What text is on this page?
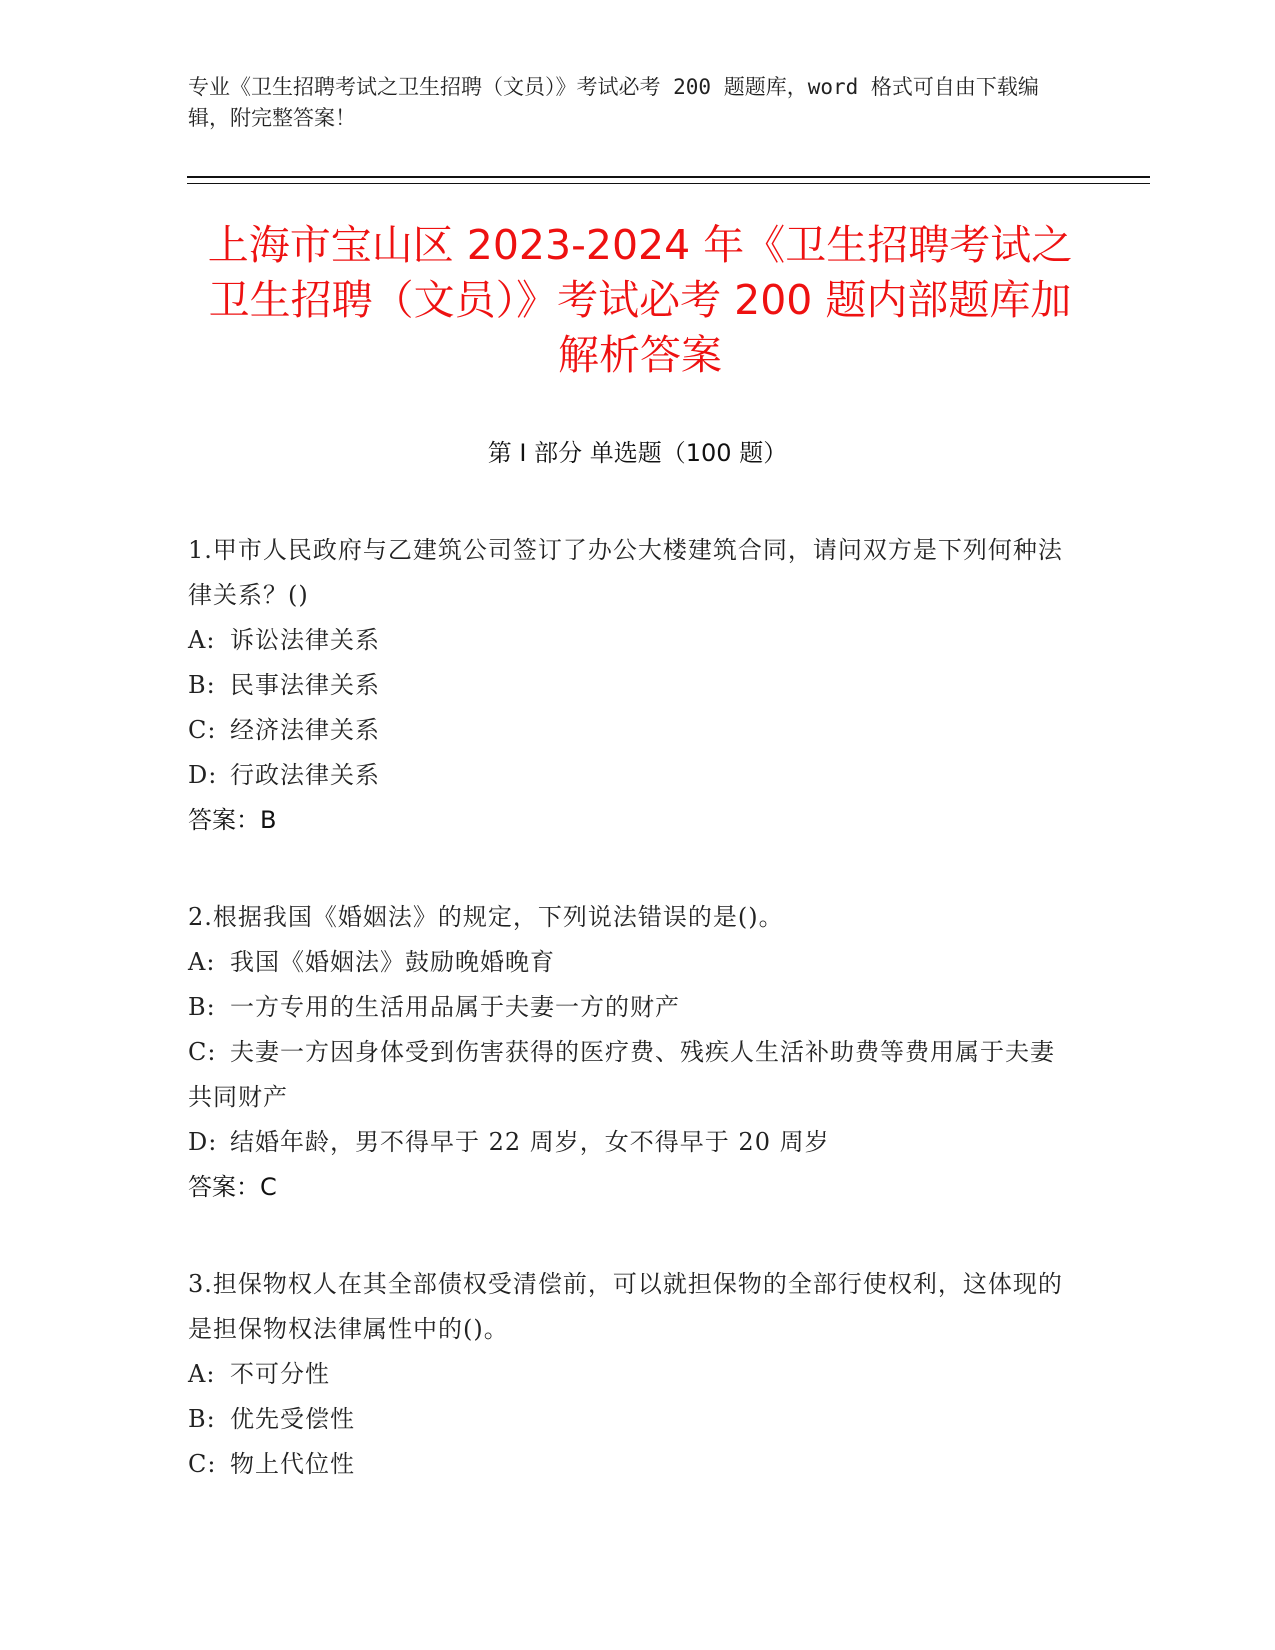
专业《卫生招聘考试之卫生招聘（文员）》考试必考 200 题题库，word 格式可自由下载编辑，附完整答案！

上海市宝山区 2023-2024 年《卫生招聘考试之卫生招聘（文员）》考试必考 200 题内部题库加解析答案
第 I 部分 单选题（100 题）

1.甲市人民政府与乙建筑公司签订了办公大楼建筑合同，请问双方是下列何种法律关系？()

A: 诉讼法律关系

B: 民事法律关系

C: 经济法律关系

D: 行政法律关系

答案：B

2.根据我国《婚姻法》的规定，下列说法错误的是()。

A: 我国《婚姻法》鼓励晚婚晚育

B: 一方专用的生活用品属于夫妻一方的财产

C: 夫妻一方因身体受到伤害获得的医疗费、残疾人生活补助费等费用属于夫妻共同财产

D: 结婚年龄，男不得早于 22 周岁，女不得早于 20 周岁

答案：C

3.担保物权人在其全部债权受清偿前，可以就担保物的全部行使权利，这体现的是担保物权法律属性中的()。

A: 不可分性

B: 优先受偿性

C: 物上代位性
